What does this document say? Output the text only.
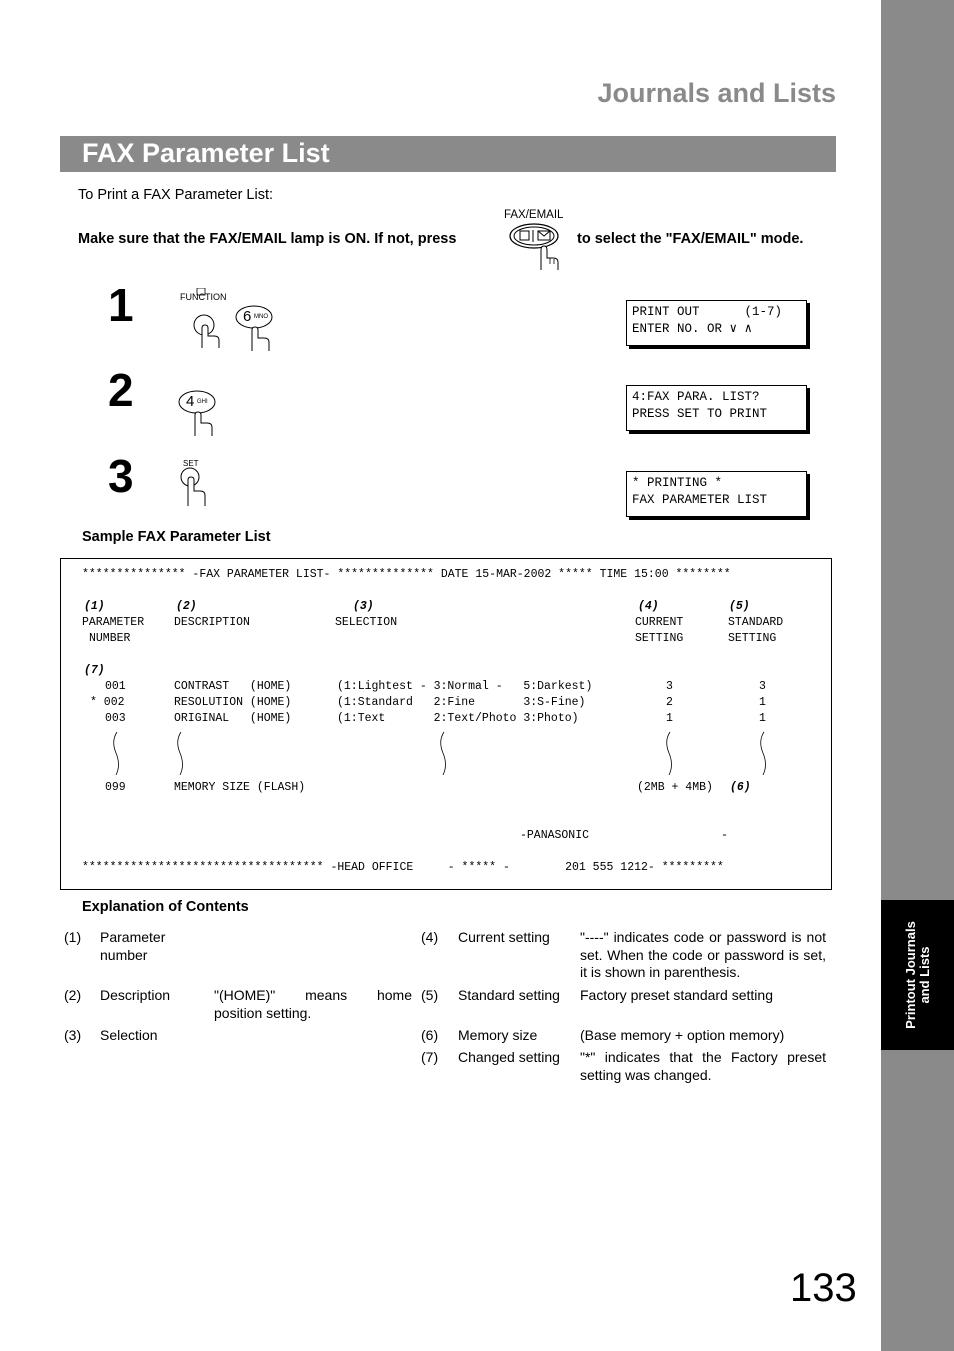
Printout Journals and Lists
Journals and Lists
FAX Parameter List
To Print a FAX Parameter List:
Make sure that the FAX/EMAIL lamp is ON. If not, press
FAX/EMAIL
to select the "FAX/EMAIL" mode.
1	FUNCTION
6 MNO	PRINT OUT      (1-7)
ENTER NO. OR ∨ ∧
2	4 GHI	4:FAX PARA. LIST?
PRESS SET TO PRINT
3	SET
* PRINTING *
FAX PARAMETER LIST
Sample FAX Parameter List
*************** -FAX PARAMETER LIST- ************** DATE 15-MAR-2002 ***** TIME 15:00 ********
(1)	(2)	(3)	(4)	(5)
PARAMETER	DESCRIPTION	SELECTION	CURRENT	STANDARD
NUMBER	SETTING	SETTING
(7)
001	CONTRAST   (HOME)	(1:Lightest - 3:Normal -   5:Darkest)	3	3
* 002	RESOLUTION (HOME)	(1:Standard   2:Fine       3:S-Fine)	2	1
003	ORIGINAL   (HOME)	(1:Text       2:Text/Photo 3:Photo)	1	1
099	MEMORY SIZE (FLASH)	(2MB + 4MB) (6)
-PANASONIC	-
*********************************** -HEAD OFFICE     - ***** -        201 555 1212- *********
Explanation of Contents
(1) Parameter number
(2) Description	"(HOME)" means home position setting.
(3) Selection
(4) Current setting "----" indicates code or password is not set. When the code or password is set, it is shown in parenthesis.
(5) Standard setting Factory preset standard setting
(6) Memory size	(Base memory + option memory)
(7) Changed setting "*" indicates that the Factory preset setting was changed.
133
